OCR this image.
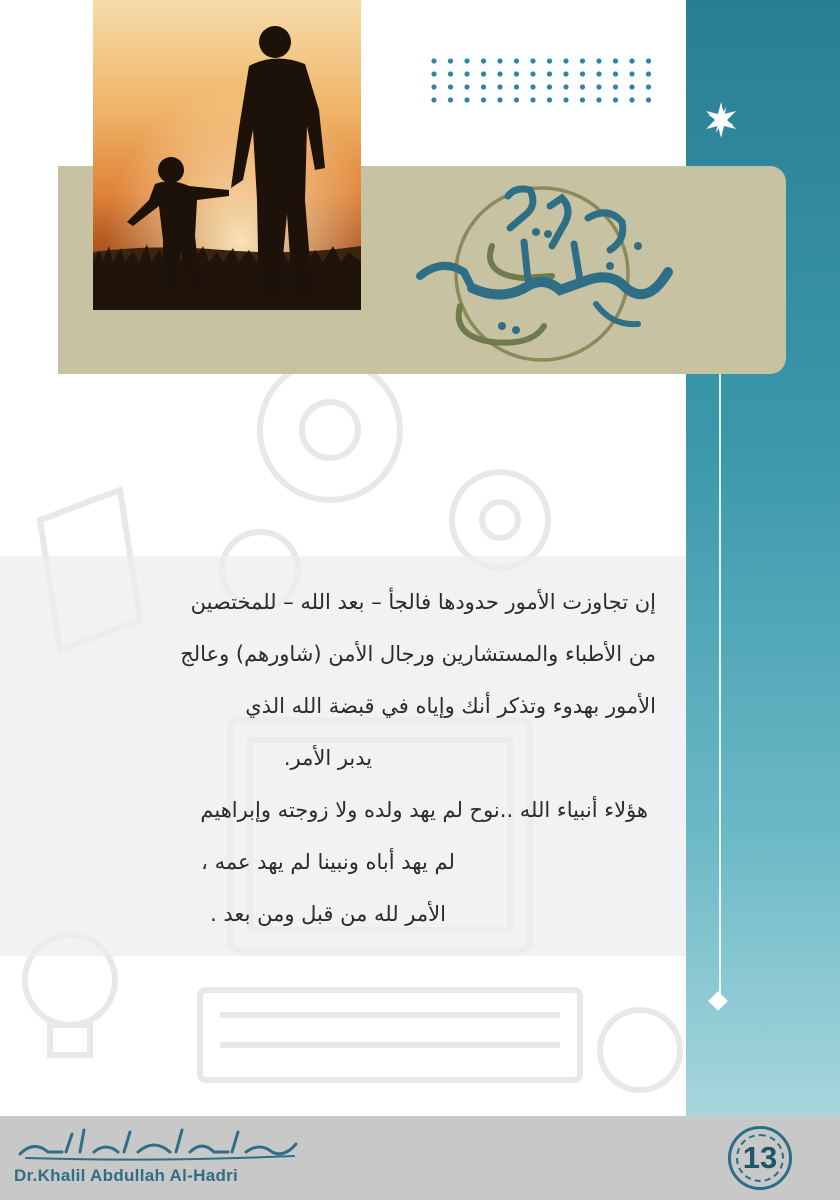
إن تجاوزت الأمور حدودها فالجأ – بعد الله – للمختصين

من الأطباء والمستشارين ورجال الأمن (شاورهم) وعالج

الأمور بهدوء وتذكر أنك وإياه في قبضة الله الذي

يدبر الأمر.

هؤلاء أنبياء الله ..نوح لم يهد ولده ولا زوجته وإبراهيم

لم يهد أباه ونبينا لم يهد عمه ،

الأمر لله من قبل ومن بعد .

Dr.Khalil Abdullah Al-Hadri
13
